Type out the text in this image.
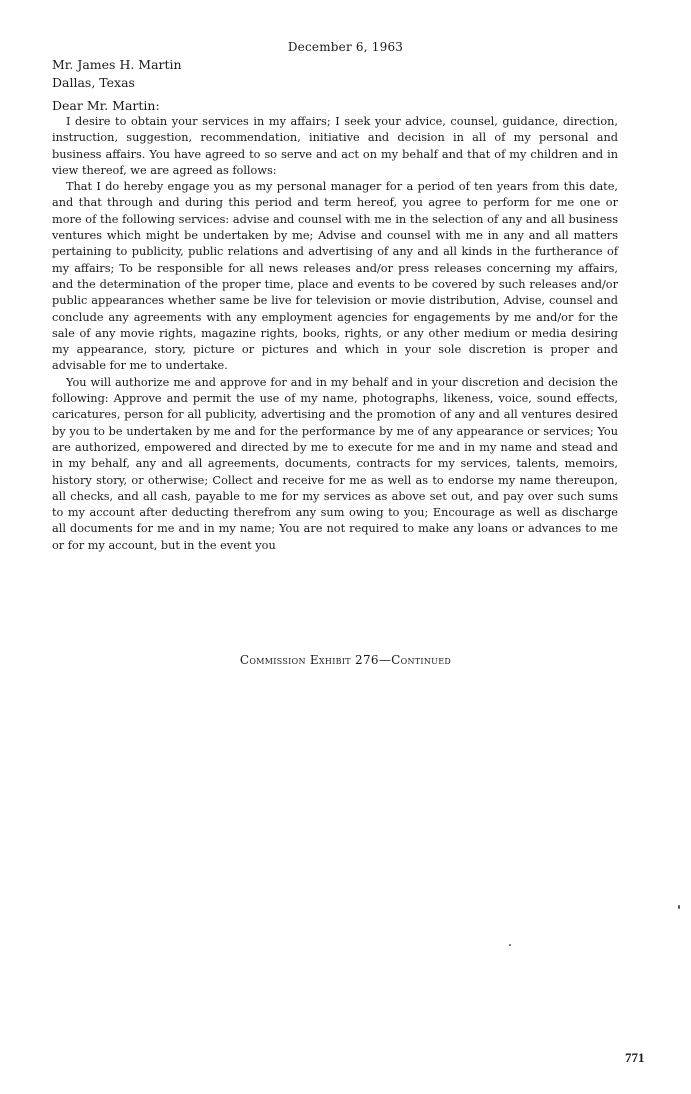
December 6, 1963
Mr. James H. Martin
Dallas, Texas
Dear Mr. Martin:

I desire to obtain your services in my affairs; I seek your advice, counsel, guidance, direction, instruction, suggestion, recommendation, initiative and decision in all of my personal and business affairs. You have agreed to so serve and act on my behalf and that of my children and in view thereof, we are agreed as follows:

That I do hereby engage you as my personal manager for a period of ten years from this date, and that through and during this period and term hereof, you agree to perform for me one or more of the following services: advise and counsel with me in the selection of any and all business ventures which might be undertaken by me; Advise and counsel with me in any and all matters pertaining to publicity, public relations and advertising of any and all kinds in the furtherance of my affairs; To be responsible for all news releases and/or press releases concerning my affairs, and the determination of the proper time, place and events to be covered by such releases and/or public appearances whether same be live for television or movie distribution, Advise, counsel and conclude any agreements with any employment agencies for engagements by me and/or for the sale of any movie rights, magazine rights, books, rights, or any other medium or media desiring my appearance, story, picture or pictures and which in your sole discretion is proper and advisable for me to undertake.

You will authorize me and approve for and in my behalf and in your discretion and decision the following: Approve and permit the use of my name, photographs, likeness, voice, sound effects, caricatures, person for all publicity, advertising and the promotion of any and all ventures desired by you to be undertaken by me and for the performance by me of any appearance or services; You are authorized, empowered and directed by me to execute for me and in my name and stead and in my behalf, any and all agreements, documents, contracts for my services, talents, memoirs, history story, or otherwise; Collect and receive for me as well as to endorse my name thereupon, all checks, and all cash, payable to me for my services as above set out, and pay over such sums to my account after deducting therefrom any sum owing to you; Encourage as well as discharge all documents for me and in my name; You are not required to make any loans or advances to me or for my account, but in the event you

Commission Exhibit 276—Continued
771
